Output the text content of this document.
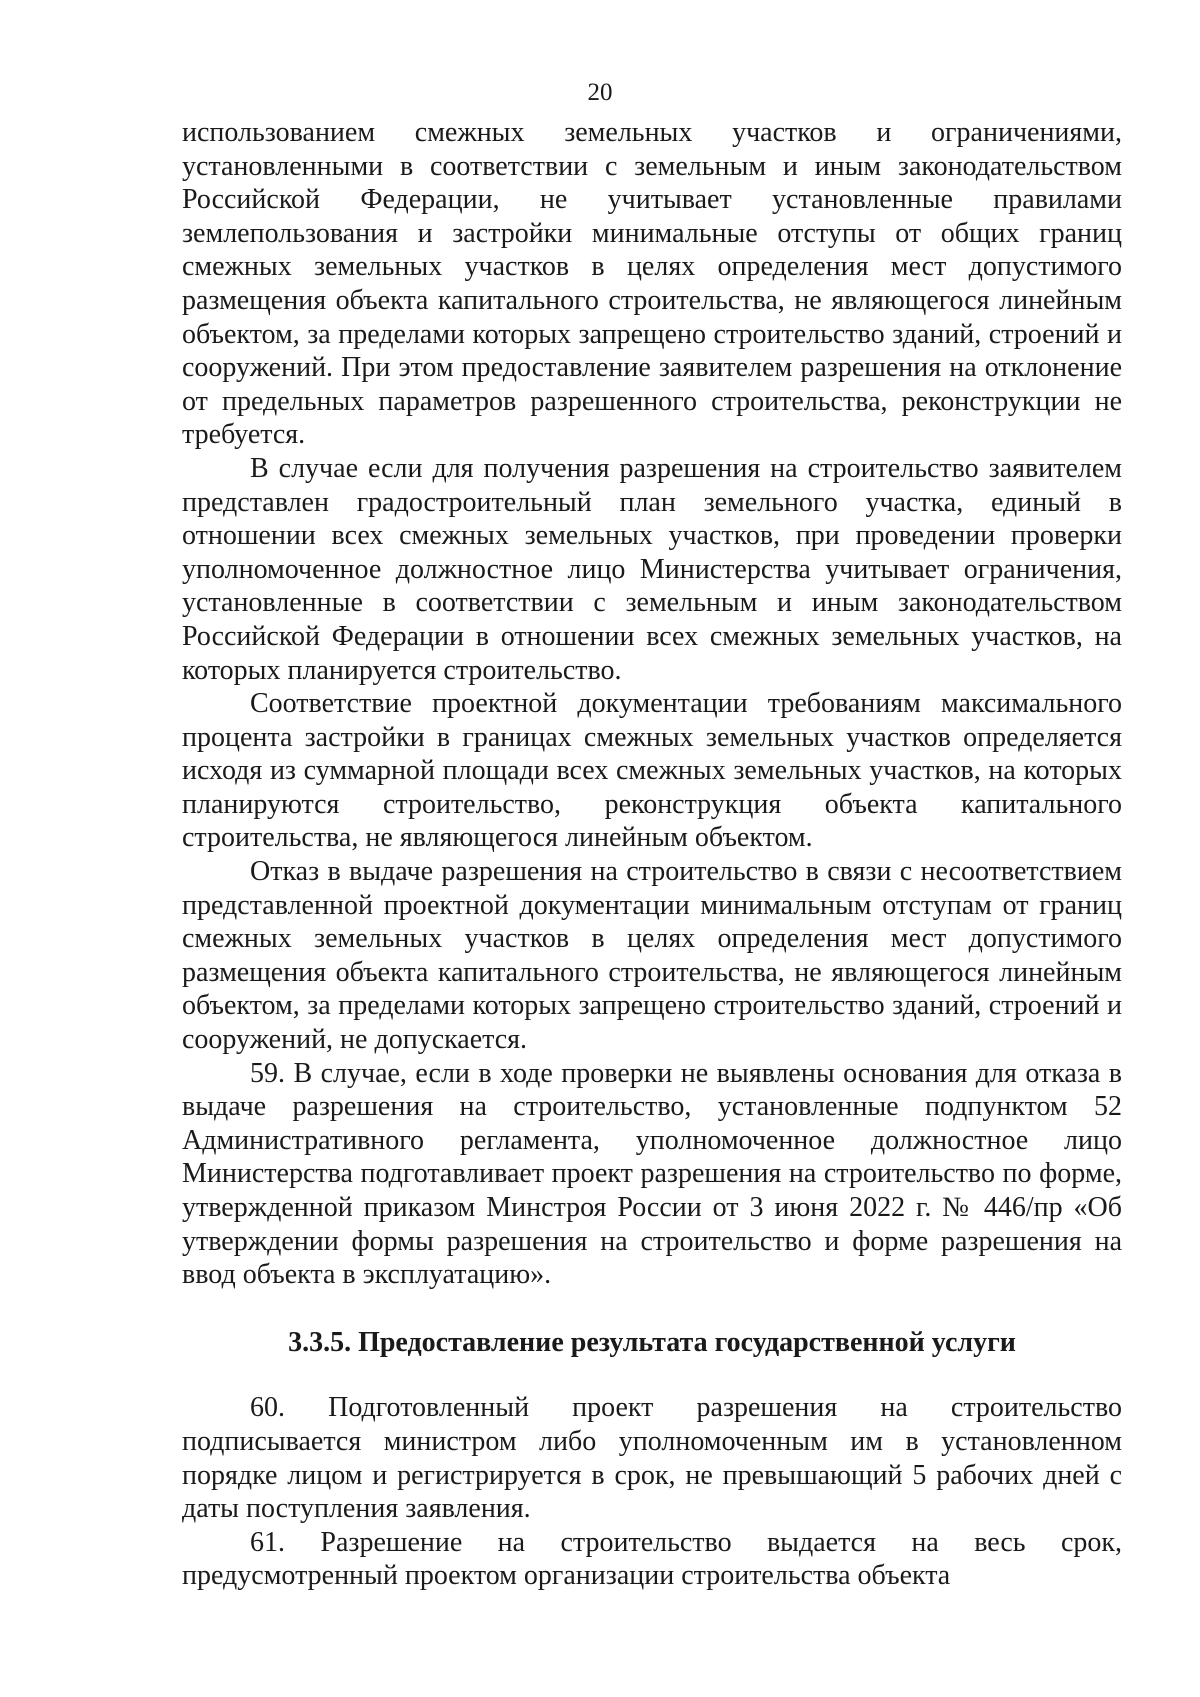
20

использованием смежных земельных участков и ограничениями, установленными в соответствии с земельным и иным законодательством Российской Федерации, не учитывает установленные правилами землепользования и застройки минимальные отступы от общих границ смежных земельных участков в целях определения мест допустимого размещения объекта капитального строительства, не являющегося линейным объектом, за пределами которых запрещено строительство зданий, строений и сооружений. При этом предоставление заявителем разрешения на отклонение от предельных параметров разрешенного строительства, реконструкции не требуется.

В случае если для получения разрешения на строительство заявителем представлен градостроительный план земельного участка, единый в отношении всех смежных земельных участков, при проведении проверки уполномоченное должностное лицо Министерства учитывает ограничения, установленные в соответствии с земельным и иным законодательством Российской Федерации в отношении всех смежных земельных участков, на которых планируется строительство.

Соответствие проектной документации требованиям максимального процента застройки в границах смежных земельных участков определяется исходя из суммарной площади всех смежных земельных участков, на которых планируются строительство, реконструкция объекта капитального строительства, не являющегося линейным объектом.

Отказ в выдаче разрешения на строительство в связи с несоответствием представленной проектной документации минимальным отступам от границ смежных земельных участков в целях определения мест допустимого размещения объекта капитального строительства, не являющегося линейным объектом, за пределами которых запрещено строительство зданий, строений и сооружений, не допускается.

59. В случае, если в ходе проверки не выявлены основания для отказа в выдаче разрешения на строительство, установленные подпунктом 52 Административного регламента, уполномоченное должностное лицо Министерства подготавливает проект разрешения на строительство по форме, утвержденной приказом Минстроя России от 3 июня 2022 г. № 446/пр «Об утверждении формы разрешения на строительство и форме разрешения на ввод объекта в эксплуатацию».

3.3.5. Предоставление результата государственной услуги

60. Подготовленный проект разрешения на строительство подписывается министром либо уполномоченным им в установленном порядке лицом и регистрируется в срок, не превышающий 5 рабочих дней с даты поступления заявления.

61. Разрешение на строительство выдается на весь срок, предусмотренный проектом организации строительства объекта
